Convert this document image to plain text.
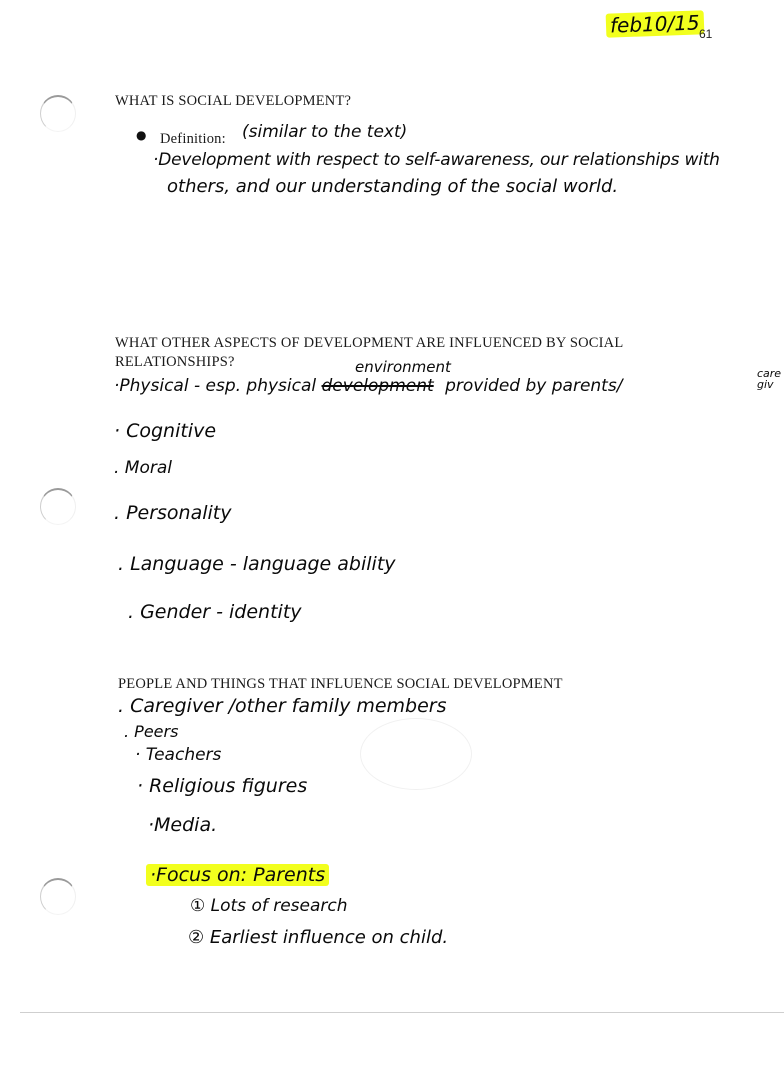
feb10/15
61
WHAT IS SOCIAL DEVELOPMENT?
● Definition: (similar to the text)
·Development with respect to self-awareness, our relationships with
others, and our understanding of the social world.
WHAT OTHER ASPECTS OF DEVELOPMENT ARE INFLUENCED BY SOCIAL
RELATIONSHIPS?	environment
·Physical - esp. physical development provided by parents/
care giv
· Cognitive
. Moral
. Personality
. Language - language ability
. Gender - identity
PEOPLE AND THINGS THAT INFLUENCE SOCIAL DEVELOPMENT
. Caregiver /other family members
. Peers
· Teachers
· Religious figures
·Media.
·Focus on: Parents
① Lots of research
② Earliest influence on child.
